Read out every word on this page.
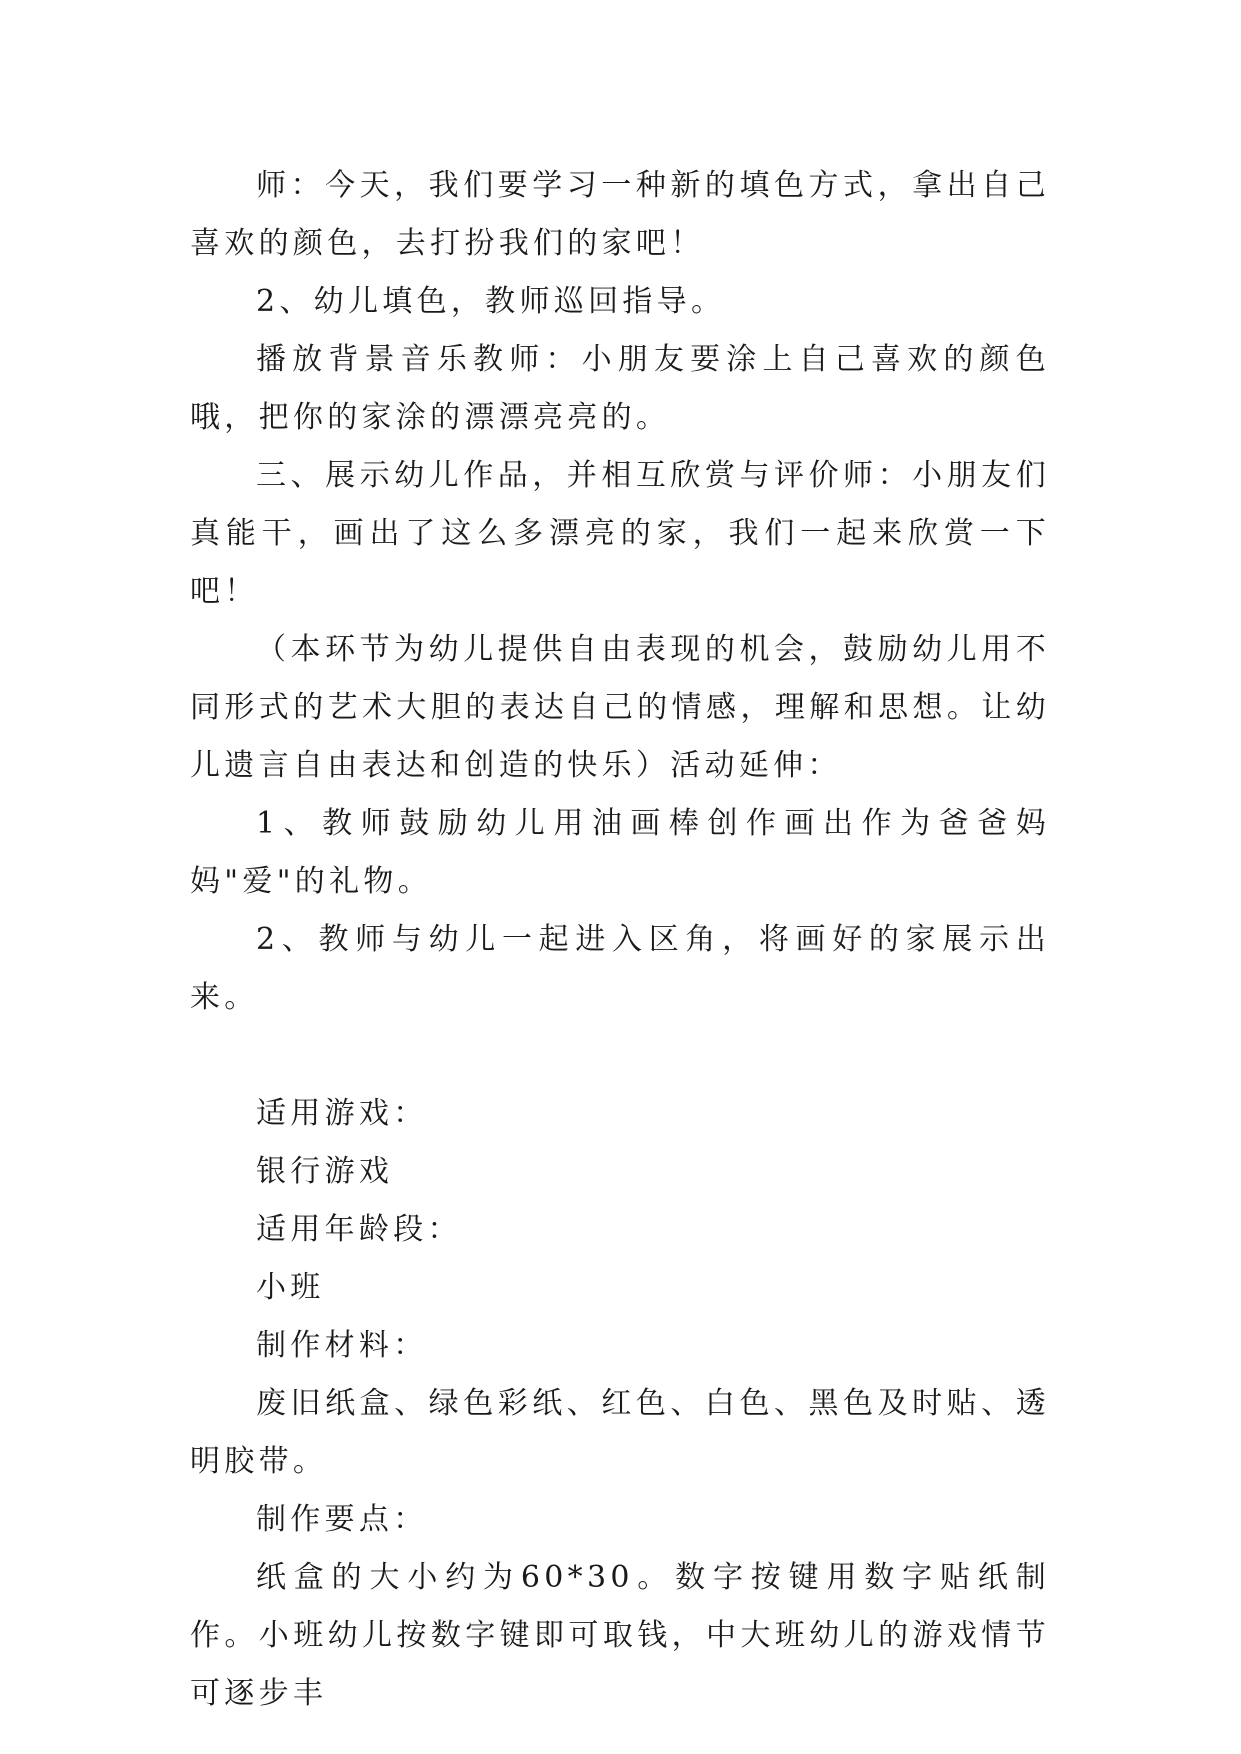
师：今天，我们要学习一种新的填色方式，拿出自己喜欢的颜色，去打扮我们的家吧！

2、幼儿填色，教师巡回指导。

播放背景音乐教师：小朋友要涂上自己喜欢的颜色哦，把你的家涂的漂漂亮亮的。

三、展示幼儿作品，并相互欣赏与评价师：小朋友们真能干，画出了这么多漂亮的家，我们一起来欣赏一下吧！

（本环节为幼儿提供自由表现的机会，鼓励幼儿用不同形式的艺术大胆的表达自己的情感，理解和思想。让幼儿遗言自由表达和创造的快乐）活动延伸：

1、教师鼓励幼儿用油画棒创作画出作为爸爸妈妈"爱"的礼物。

2、教师与幼儿一起进入区角，将画好的家展示出来。

适用游戏：

银行游戏

适用年龄段：

小班

制作材料：

废旧纸盒、绿色彩纸、红色、白色、黑色及时贴、透明胶带。

制作要点：

纸盒的大小约为60*30。数字按键用数字贴纸制作。小班幼儿按数字键即可取钱，中大班幼儿的游戏情节可逐步丰
